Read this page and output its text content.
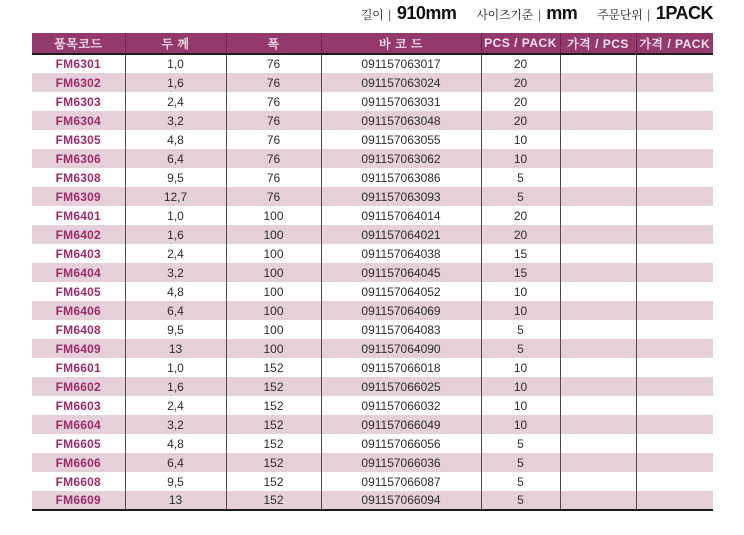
길이 | 910mm 사이즈기준 | mm 주문단위 | 1PACK
품목코드	두 께	폭	바 코 드	PCS / PACK	가격 / PCS	가격 / PACK
FM6301	1,0	76	091157063017	20		
FM6302	1,6	76	091157063024	20		
FM6303	2,4	76	091157063031	20		
FM6304	3,2	76	091157063048	20		
FM6305	4,8	76	091157063055	10		
FM6306	6,4	76	091157063062	10		
FM6308	9,5	76	091157063086	5		
FM6309	12,7	76	091157063093	5		
FM6401	1,0	100	091157064014	20		
FM6402	1,6	100	091157064021	20		
FM6403	2,4	100	091157064038	15		
FM6404	3,2	100	091157064045	15		
FM6405	4,8	100	091157064052	10		
FM6406	6,4	100	091157064069	10		
FM6408	9,5	100	091157064083	5		
FM6409	13	100	091157064090	5		
FM6601	1,0	152	091157066018	10		
FM6602	1,6	152	091157066025	10		
FM6603	2,4	152	091157066032	10		
FM6604	3,2	152	091157066049	10		
FM6605	4,8	152	091157066056	5		
FM6606	6,4	152	091157066036	5		
FM6608	9,5	152	091157066087	5		
FM6609	13	152	091157066094	5		
